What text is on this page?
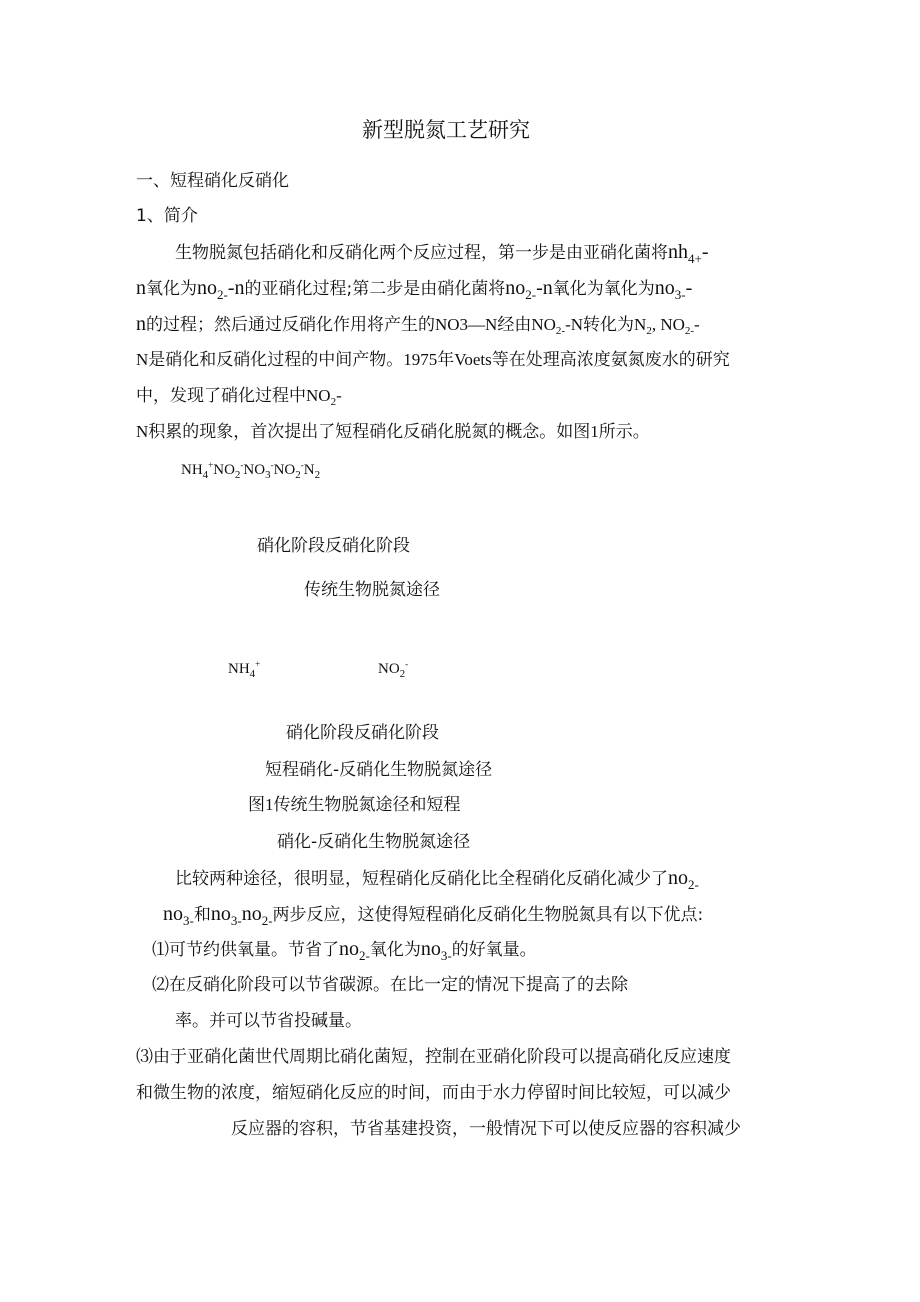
新型脱氮工艺研究
一、短程硝化反硝化
1、简介
生物脱氮包括硝化和反硝化两个反应过程，第一步是由亚硝化菌将$nh_{4+}-$
n氧化为$no_{2-}-n$的亚硝化过程;第二步是由硝化菌将$no_{2-}-n$氧化为氧化为$no_{3-}-$
n的过程；然后通过反硝化作用将产生的NO3—N经由$NO_{2-}-N$转化为$N_2$, $NO_{2-}-$
N是硝化和反硝化过程的中间产物。1975年Voets等在处理高浓度氨氮废水的研究
中，发现了硝化过程中$NO_2-$
N积累的现象，首次提出了短程硝化反硝化脱氮的概念。如图1所示。
$NH_4^+NO_2^-NO_3^-NO_2^-N_2$
硝化阶段反硝化阶段
传统生物脱氮途径
$NH_4^+$	$NO_2^-$
硝化阶段反硝化阶段
短程硝化-反硝化生物脱氮途径
图1传统生物脱氮途径和短程
硝化-反硝化生物脱氮途径
比较两种途径，很明显，短程硝化反硝化比全程硝化反硝化减少了$no_{2-}$
$no_{3-}$和$no_{3-}no_{2-}$两步反应，这使得短程硝化反硝化生物脱氮具有以下优点:
⑴可节约供氧量。节省了$no_{2-}$氧化为$no_{3-}$的好氧量。
⑵在反硝化阶段可以节省碳源。在比一定的情况下提高了的去除
率。并可以节省投碱量。
⑶由于亚硝化菌世代周期比硝化菌短，控制在亚硝化阶段可以提高硝化反应速度
和微生物的浓度，缩短硝化反应的时间，而由于水力停留时间比较短，可以减少
反应器的容积，节省基建投资，一般情况下可以使反应器的容积减少
